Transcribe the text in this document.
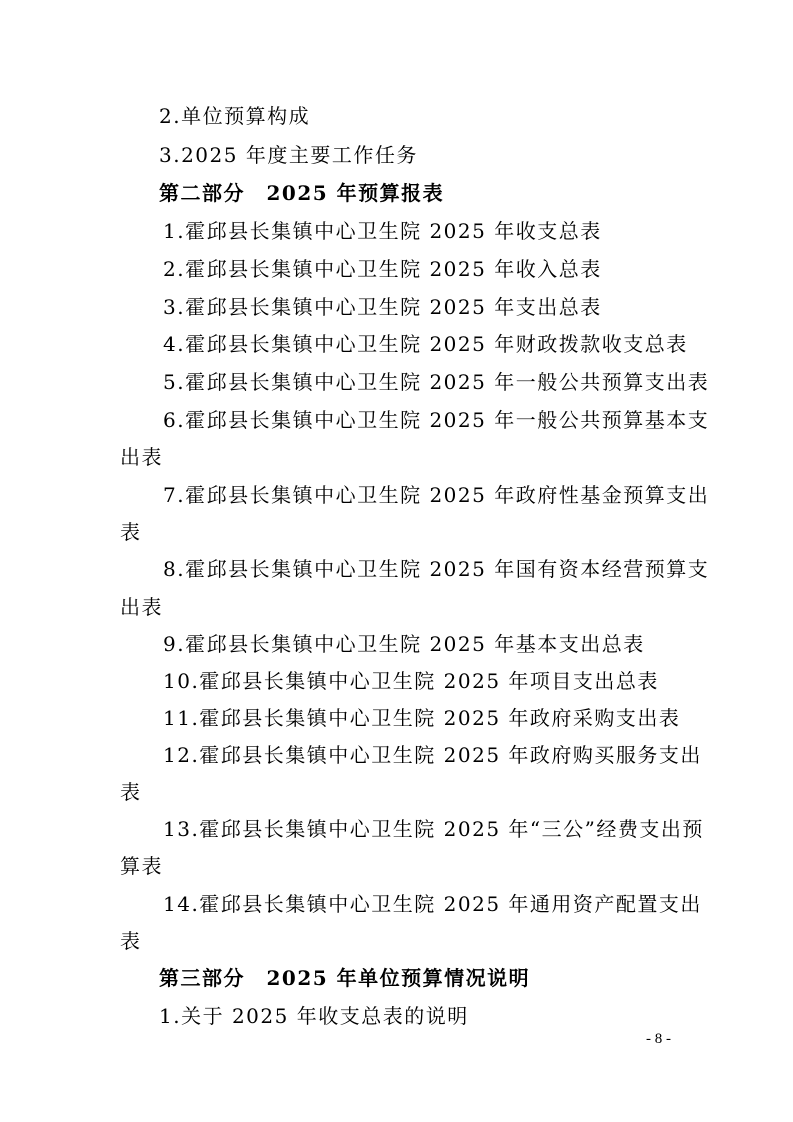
2.单位预算构成
3.2025 年度主要工作任务
第二部分　2025 年预算报表
1.霍邱县长集镇中心卫生院 2025 年收支总表
2.霍邱县长集镇中心卫生院 2025 年收入总表
3.霍邱县长集镇中心卫生院 2025 年支出总表
4.霍邱县长集镇中心卫生院 2025 年财政拨款收支总表
5.霍邱县长集镇中心卫生院 2025 年一般公共预算支出表
6.霍邱县长集镇中心卫生院 2025 年一般公共预算基本支
出表
7.霍邱县长集镇中心卫生院 2025 年政府性基金预算支出
表
8.霍邱县长集镇中心卫生院 2025 年国有资本经营预算支
出表
9.霍邱县长集镇中心卫生院 2025 年基本支出总表
10.霍邱县长集镇中心卫生院 2025 年项目支出总表
11.霍邱县长集镇中心卫生院 2025 年政府采购支出表
12.霍邱县长集镇中心卫生院 2025 年政府购买服务支出
表
13.霍邱县长集镇中心卫生院 2025 年“三公”经费支出预
算表
14.霍邱县长集镇中心卫生院 2025 年通用资产配置支出
表
第三部分　2025 年单位预算情况说明
1.关于 2025 年收支总表的说明
- 8 -
